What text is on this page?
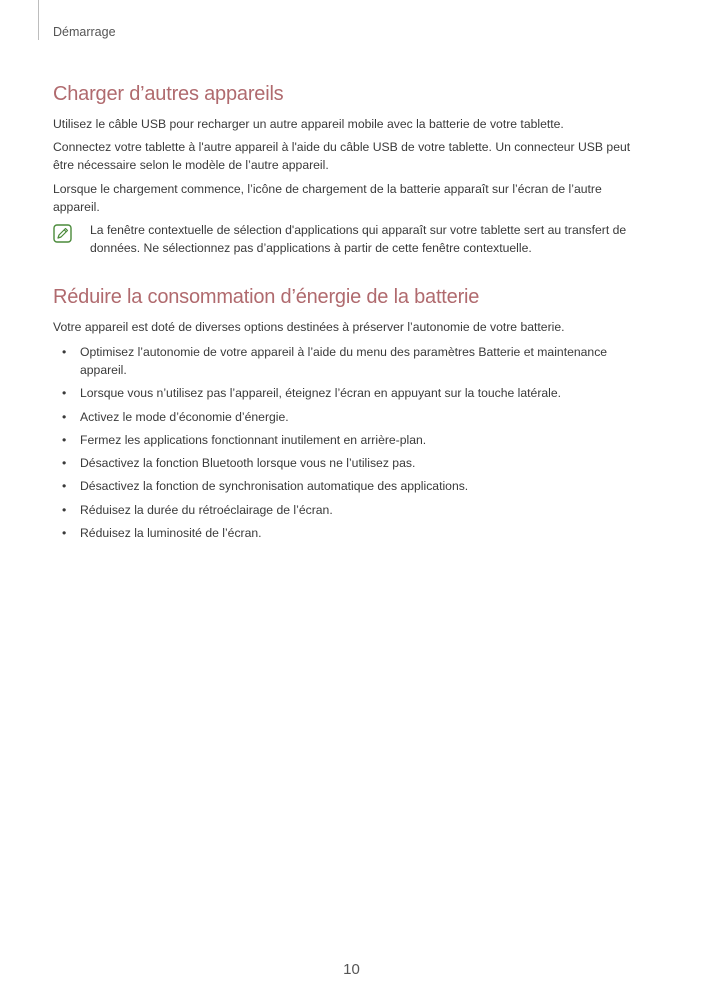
Démarrage
Charger d’autres appareils

Utilisez le câble USB pour recharger un autre appareil mobile avec la batterie de votre tablette.

Connectez votre tablette à l'autre appareil à l'aide du câble USB de votre tablette. Un connecteur USB peut être nécessaire selon le modèle de l’autre appareil.

Lorsque le chargement commence, l’icône de chargement de la batterie apparaît sur l’écran de l’autre appareil.

La fenêtre contextuelle de sélection d'applications qui apparaît sur votre tablette sert au transfert de données. Ne sélectionnez pas d’applications à partir de cette fenêtre contextuelle.

Réduire la consommation d’énergie de la batterie

Votre appareil est doté de diverses options destinées à préserver l’autonomie de votre batterie.

• Optimisez l’autonomie de votre appareil à l’aide du menu des paramètres Batterie et maintenance appareil.
• Lorsque vous n’utilisez pas l’appareil, éteignez l’écran en appuyant sur la touche latérale.
• Activez le mode d’économie d’énergie.
• Fermez les applications fonctionnant inutilement en arrière-plan.
• Désactivez la fonction Bluetooth lorsque vous ne l’utilisez pas.
• Désactivez la fonction de synchronisation automatique des applications.
• Réduisez la durée du rétroéclairage de l’écran.
• Réduisez la luminosité de l’écran.
10
